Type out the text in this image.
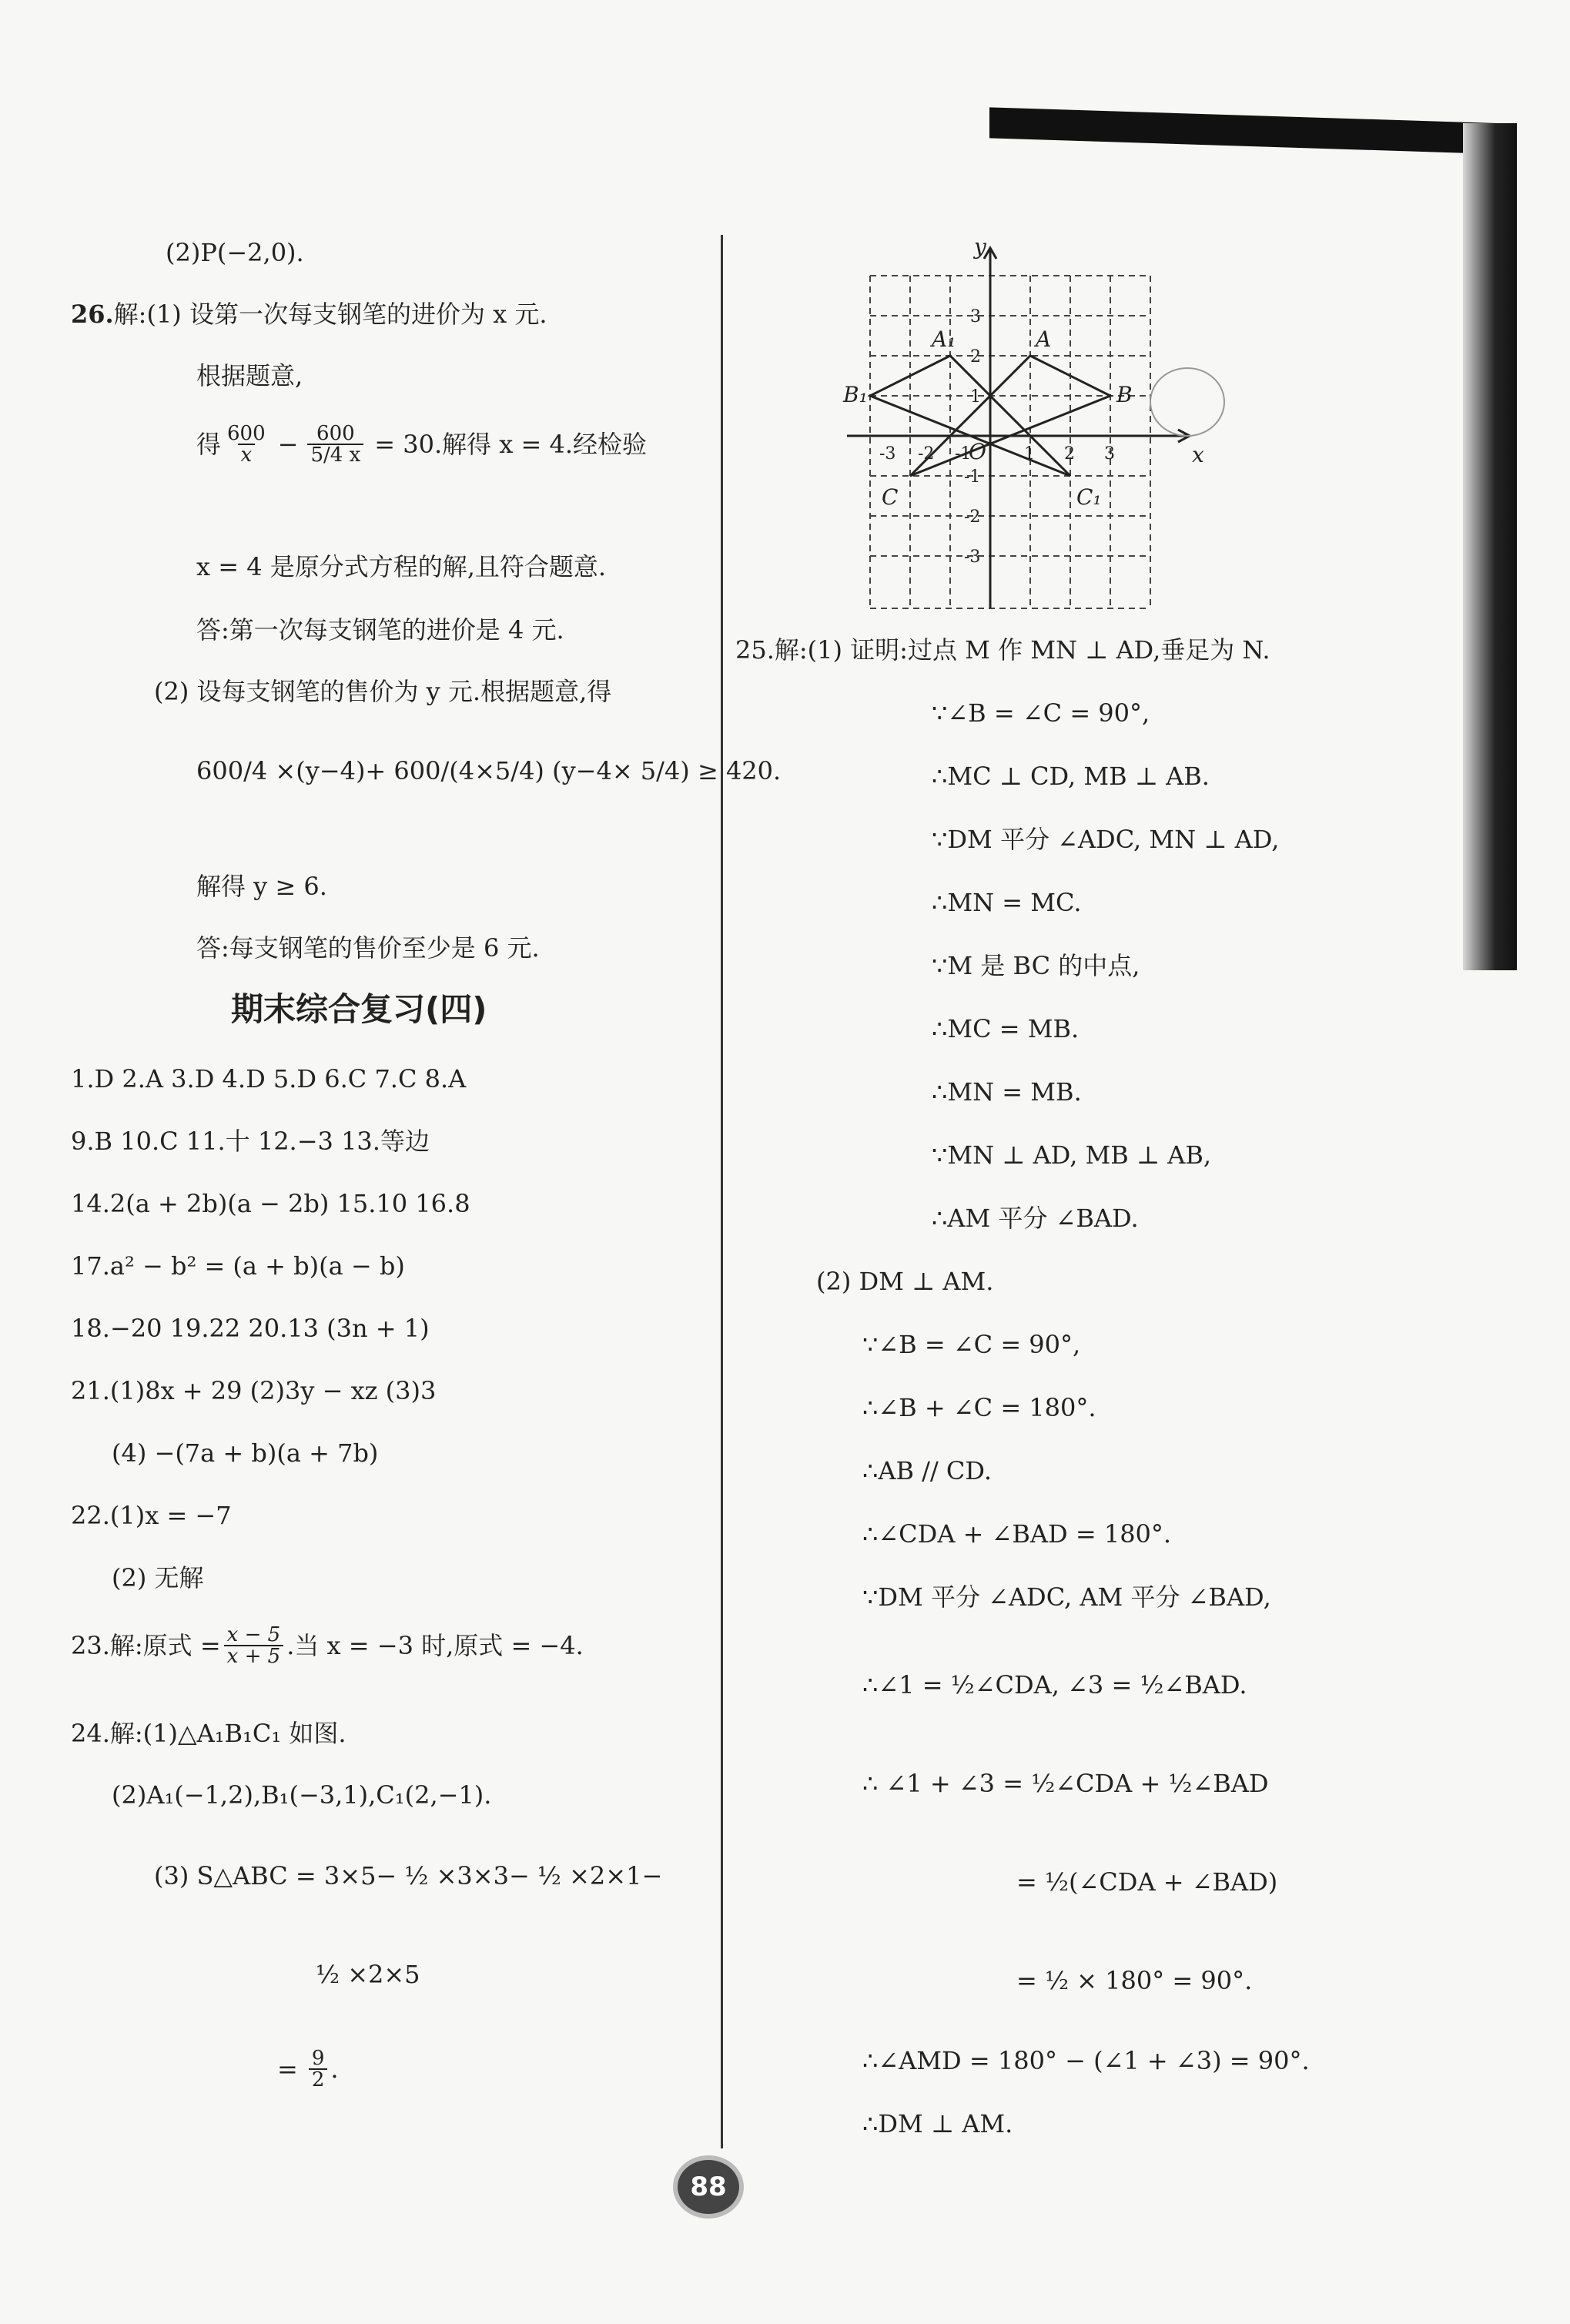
(2)P(−2,0).
26.解:(1) 设第一次每支钢笔的进价为 x 元.
根据题意,
得 $\frac{600}{x} - \frac{600}{5/4 x} = 30$.解得 x = 4.经检验
x = 4 是原分式方程的解,且符合题意.
答:第一次每支钢笔的进价是 4 元.
(2) 设每支钢笔的售价为 y 元.根据题意,得
600/4 ×(y−4)+ 600/(4×5/4) (y−4× 5/4) ≥ 420.
解得 y ≥ 6.
答:每支钢笔的售价至少是 6 元.
期末综合复习(四)
1.D 2.A 3.D 4.D 5.D 6.C 7.C 8.A
9.B 10.C 11.十 12.−3 13.等边
14.2(a + 2b)(a − 2b) 15.10 16.8
17.a² − b² = (a + b)(a − b)
18.−20 19.22 20.13 (3n + 1)
21.(1)8x + 29 (2)3y − xz (3)3
(4) −(7a + b)(a + 7b)
22.(1)x = −7
(2) 无解
23.解:原式 = $\frac{x - 5}{x + 5}$ .当 x = −3 时,原式 = −4.
24.解:(1)△A₁B₁C₁ 如图.
(2)A₁(−1,2),B₁(−3,1),C₁(2,−1).
(3) S△ABC = 3×5− ½ ×3×3− ½ ×2×1−
½ ×2×5
= $\frac{9}{2}$ .
y
x
O
A₁	A
B₁	B
C	C₁
-3 -2 -1	1 2 3
3
2
1
-1
-2
-3
25.解:(1) 证明:过点 M 作 MN ⊥ AD,垂足为 N.
∵∠B = ∠C = 90°,
∴MC ⊥ CD, MB ⊥ AB.
∵DM 平分 ∠ADC, MN ⊥ AD,
∴MN = MC.
∵M 是 BC 的中点,
∴MC = MB.
∴MN = MB.
∵MN ⊥ AD, MB ⊥ AB,
∴AM 平分 ∠BAD.
(2) DM ⊥ AM.
∵∠B = ∠C = 90°,
∴∠B + ∠C = 180°.
∴AB // CD.
∴∠CDA + ∠BAD = 180°.
∵DM 平分 ∠ADC, AM 平分 ∠BAD,
∴∠1 = ½∠CDA, ∠3 = ½∠BAD.
∴ ∠1 + ∠3 = ½∠CDA + ½∠BAD
= ½(∠CDA + ∠BAD)
= ½ × 180° = 90°.
∴∠AMD = 180° − (∠1 + ∠3) = 90°.
∴DM ⊥ AM.
88
